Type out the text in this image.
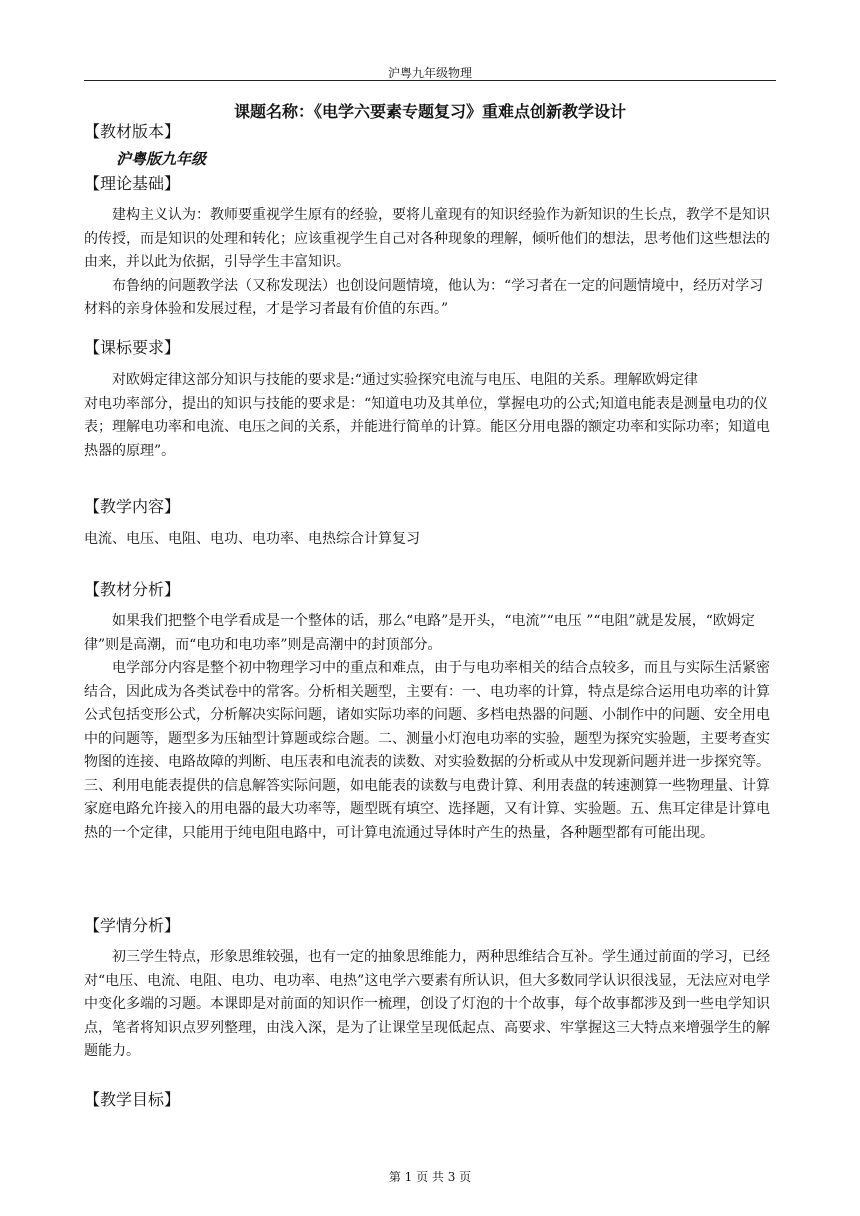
沪粤九年级物理
课题名称：《电学六要素专题复习》重难点创新教学设计
【教材版本】
沪粤版九年级
【理论基础】

建构主义认为：教师要重视学生原有的经验，要将儿童现有的知识经验作为新知识的生长点，教学不是知识的传授，而是知识的处理和转化；应该重视学生自己对各种现象的理解，倾听他们的想法，思考他们这些想法的由来，并以此为依据，引导学生丰富知识。

布鲁纳的问题教学法（又称发现法）也创设问题情境，他认为：“学习者在一定的问题情境中，经历对学习材料的亲身体验和发展过程，才是学习者最有价值的东西。”

【课标要求】

对欧姆定律这部分知识与技能的要求是:“通过实验探究电流与电压、电阻的关系。理解欧姆定律

对电功率部分，提出的知识与技能的要求是：“知道电功及其单位，掌握电功的公式;知道电能表是测量电功的仪表；理解电功率和电流、电压之间的关系，并能进行简单的计算。能区分用电器的额定功率和实际功率；知道电热器的原理”。

【教学内容】
电流、电压、电阻、电功、电功率、电热综合计算复习
【教材分析】

如果我们把整个电学看成是一个整体的话，那么“电路”是开头，“电流”“电压 ”“电阻”就是发展，“欧姆定律”则是高潮，而“电功和电功率”则是高潮中的封顶部分。

电学部分内容是整个初中物理学习中的重点和难点，由于与电功率相关的结合点较多，而且与实际生活紧密结合，因此成为各类试卷中的常客。分析相关题型，主要有：一、电功率的计算，特点是综合运用电功率的计算公式包括变形公式，分析解决实际问题，诸如实际功率的问题、多档电热器的问题、小制作中的问题、安全用电中的问题等，题型多为压轴型计算题或综合题。二、测量小灯泡电功率的实验，题型为探究实验题，主要考查实物图的连接、电路故障的判断、电压表和电流表的读数、对实验数据的分析或从中发现新问题并进一步探究等。三、利用电能表提供的信息解答实际问题，如电能表的读数与电费计算、利用表盘的转速测算一些物理量、计算家庭电路允许接入的用电器的最大功率等，题型既有填空、选择题，又有计算、实验题。五、焦耳定律是计算电热的一个定律，只能用于纯电阻电路中，可计算电流通过导体时产生的热量，各种题型都有可能出现。

【学情分析】

初三学生特点，形象思维较强，也有一定的抽象思维能力，两种思维结合互补。学生通过前面的学习，已经对“电压、电流、电阻、电功、电功率、电热”这电学六要素有所认识，但大多数同学认识很浅显，无法应对电学中变化多端的习题。本课即是对前面的知识作一梳理，创设了灯泡的十个故事，每个故事都涉及到一些电学知识点，笔者将知识点罗列整理，由浅入深，是为了让课堂呈现低起点、高要求、牢掌握这三大特点来增强学生的解题能力。

【教学目标】
第 1 页 共 3 页
